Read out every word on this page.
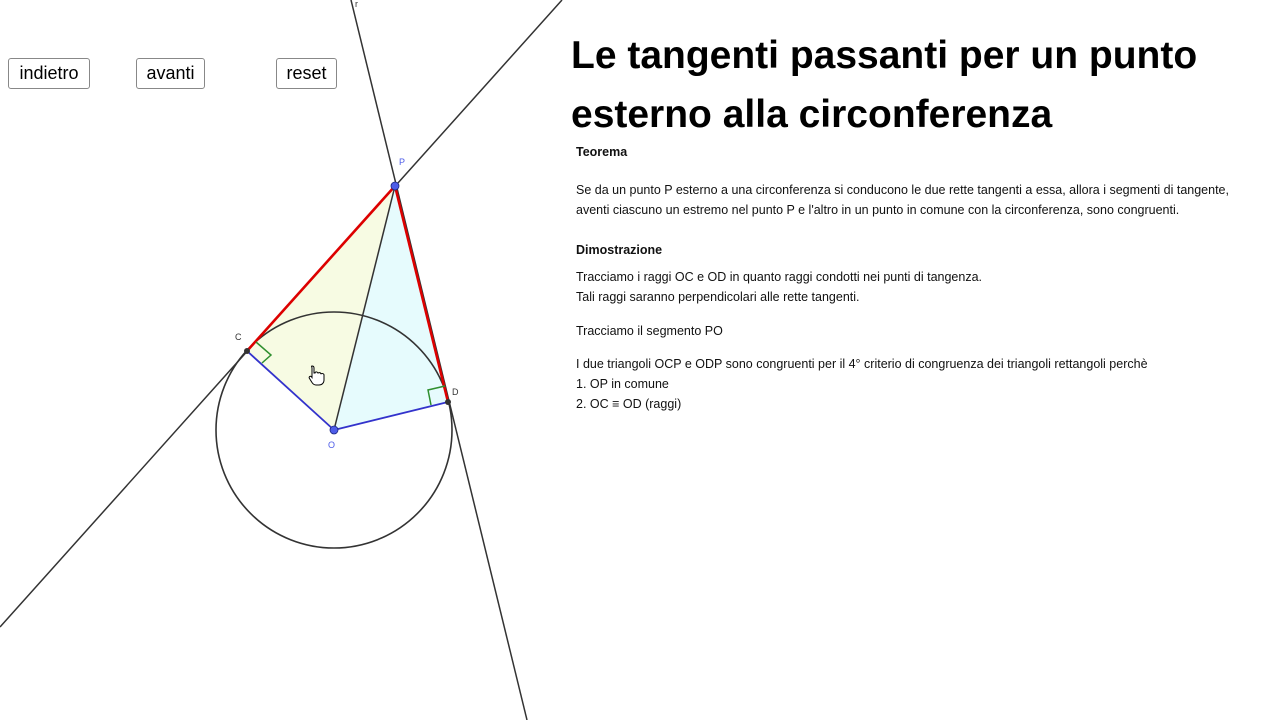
P
O
C
D
r
indietro	avanti	reset	Le tangenti passanti per un punto
esterno alla circonferenza
Teorema
Se da un punto P esterno a una circonferenza si conducono le due rette tangenti a essa, allora i segmenti di tangente,
aventi ciascuno un estremo nel punto P e l'altro in un punto in comune con la circonferenza, sono congruenti.
Dimostrazione
Tracciamo i raggi OC e OD in quanto raggi condotti nei punti di tangenza.
Tali raggi saranno perpendicolari alle rette tangenti.
Tracciamo il segmento PO
I due triangoli OCP e ODP sono congruenti per il 4° criterio di congruenza dei triangoli rettangoli perchè
1. OP in comune
2. OC ≡ OD (raggi)
